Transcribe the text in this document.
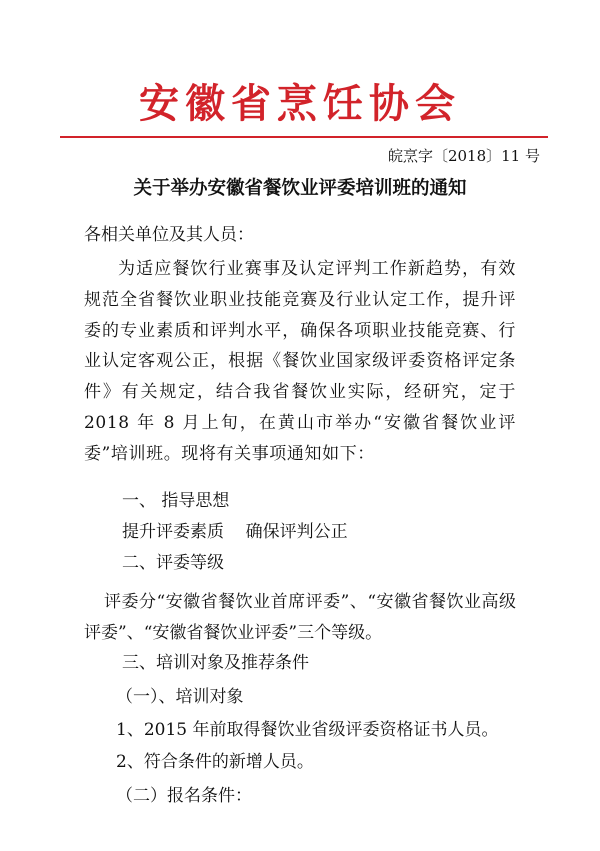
安徽省烹饪协会
皖烹字〔2018〕11 号
关于举办安徽省餐饮业评委培训班的通知
各相关单位及其人员：

为适应餐饮行业赛事及认定评判工作新趋势，有效规范全省餐饮业职业技能竞赛及行业认定工作，提升评委的专业素质和评判水平，确保各项职业技能竞赛、行业认定客观公正，根据《餐饮业国家级评委资格评定条件》有关规定，结合我省餐饮业实际，经研究，定于 2018 年 8 月上旬，在黄山市举办“安徽省餐饮业评委”培训班。现将有关事项通知如下：

一、 指导思想
提升评委素质    确保评判公正
二、评委等级

评委分“安徽省餐饮业首席评委”、“安徽省餐饮业高级评委”、“安徽省餐饮业评委”三个等级。

三、培训对象及推荐条件
（一）、培训对象
1、2015 年前取得餐饮业省级评委资格证书人员。
2、符合条件的新增人员。
（二）报名条件：
